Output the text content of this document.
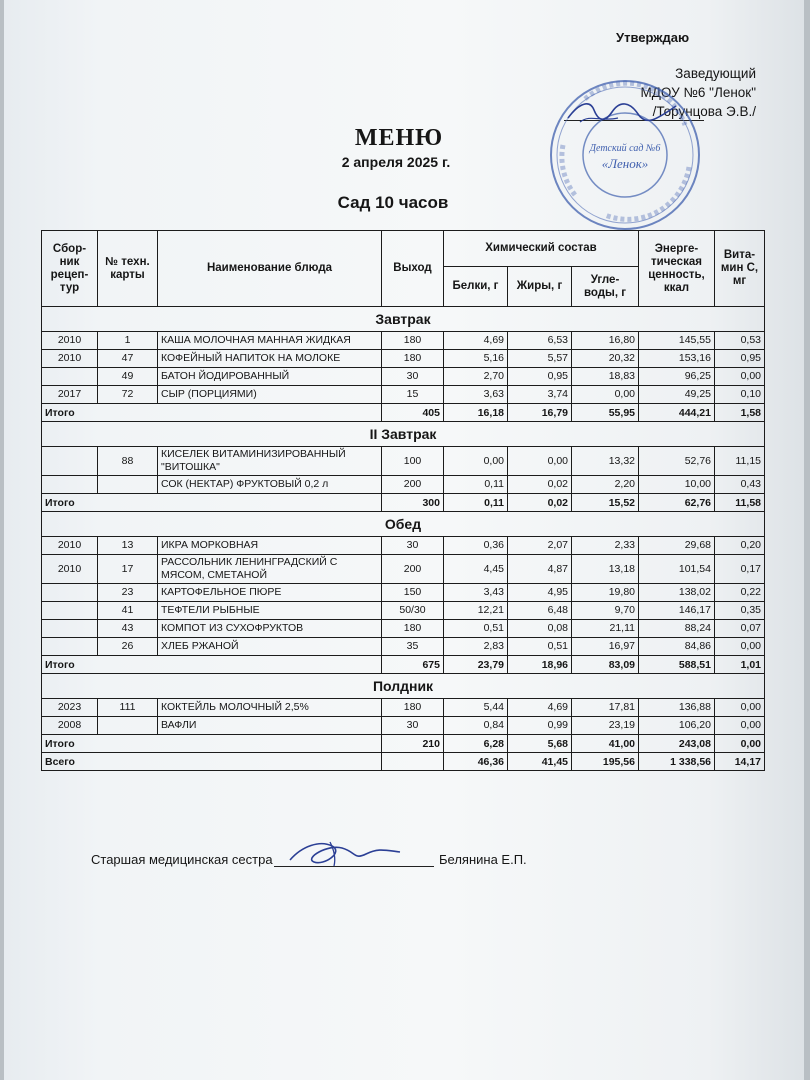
Утверждаю
Заведующий
МДОУ №6 "Ленок"
/Торунцова Э.В./
Детский сад №6
«Ленок»
МЕНЮ
2 апреля 2025 г.
Сад 10 часов
Сбор- ник рецеп- тур	№ техн. карты	Наименование блюда	Выход	Химический состав			Энерге- тическая ценность, ккал	Вита- мин С, мг
				Белки, г	Жиры, г	Угле- воды, г		
Завтрак								
2010	1	КАША МОЛОЧНАЯ МАННАЯ ЖИДКАЯ	180	4,69	6,53	16,80	145,55	0,53
2010	47	КОФЕЙНЫЙ НАПИТОК НА МОЛОКЕ	180	5,16	5,57	20,32	153,16	0,95
	49	БАТОН ЙОДИРОВАННЫЙ	30	2,70	0,95	18,83	96,25	0,00
2017	72	СЫР (ПОРЦИЯМИ)	15	3,63	3,74	0,00	49,25	0,10
Итого			405	16,18	16,79	55,95	444,21	1,58
II Завтрак								
	88	КИСЕЛЕК ВИТАМИНИЗИРОВАННЫЙ "ВИТОШКА"	100	0,00	0,00	13,32	52,76	11,15
		СОК (НЕКТАР) ФРУКТОВЫЙ 0,2 л	200	0,11	0,02	2,20	10,00	0,43
Итого			300	0,11	0,02	15,52	62,76	11,58
Обед								
2010	13	ИКРА МОРКОВНАЯ	30	0,36	2,07	2,33	29,68	0,20
2010	17	РАССОЛЬНИК ЛЕНИНГРАДСКИЙ С МЯСОМ, СМЕТАНОЙ	200	4,45	4,87	13,18	101,54	0,17
	23	КАРТОФЕЛЬНОЕ ПЮРЕ	150	3,43	4,95	19,80	138,02	0,22
	41	ТЕФТЕЛИ РЫБНЫЕ	50/30	12,21	6,48	9,70	146,17	0,35
	43	КОМПОТ ИЗ СУХОФРУКТОВ	180	0,51	0,08	21,11	88,24	0,07
	26	ХЛЕБ РЖАНОЙ	35	2,83	0,51	16,97	84,86	0,00
Итого			675	23,79	18,96	83,09	588,51	1,01
Полдник								
2023	111	КОКТЕЙЛЬ МОЛОЧНЫЙ 2,5%	180	5,44	4,69	17,81	136,88	0,00
2008		ВАФЛИ	30	0,84	0,99	23,19	106,20	0,00
Итого			210	6,28	5,68	41,00	243,08	0,00
Всего				46,36	41,45	195,56	1 338,56	14,17
Старшая медицинская сестра	Белянина Е.П.
